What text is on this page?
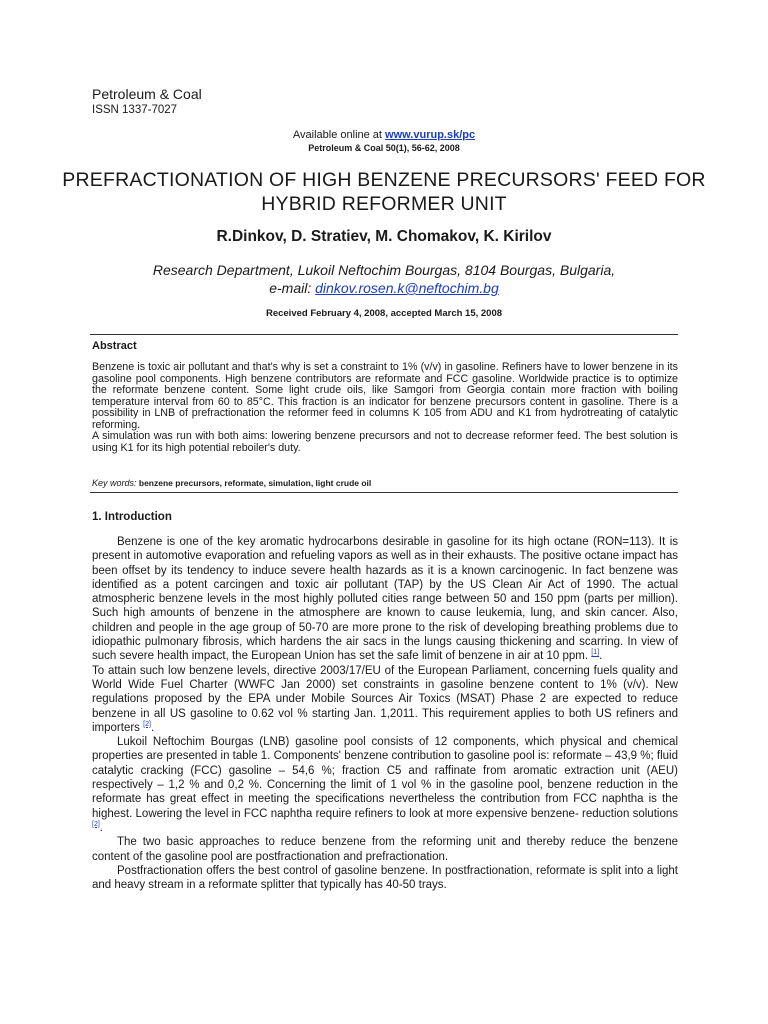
Petroleum & Coal
ISSN 1337-7027
Available online at www.vurup.sk/pc
Petroleum & Coal 50(1), 56-62, 2008
PREFRACTIONATION OF HIGH BENZENE PRECURSORS' FEED FOR HYBRID REFORMER UNIT
R.Dinkov, D. Stratiev, M. Chomakov, K. Kirilov
Research Department, Lukoil Neftochim Bourgas, 8104 Bourgas, Bulgaria,
e-mail: dinkov.rosen.k@neftochim.bg
Received February 4, 2008, accepted March 15, 2008
Abstract

Benzene is toxic air pollutant and that's why is set a constraint to 1% (v/v) in gasoline. Refiners have to lower benzene in its gasoline pool components. High benzene contributors are reformate and FCC gasoline. Worldwide practice is to optimize the reformate benzene content. Some light crude oils, like Samgori from Georgia contain more fraction with boiling temperature interval from 60 to 85°C. This fraction is an indicator for benzene precursors content in gasoline. There is a possibility in LNB of prefractionation the reformer feed in columns K 105 from ADU and K1 from hydrotreating of catalytic reforming.

A simulation was run with both aims: lowering benzene precursors and not to decrease reformer feed. The best solution is using K1 for its high potential reboiler's duty.

Key words: benzene precursors, reformate, simulation, light crude oil
1. Introduction

Benzene is one of the key aromatic hydrocarbons desirable in gasoline for its high octane (RON=113). It is present in automotive evaporation and refueling vapors as well as in their exhausts. The positive octane impact has been offset by its tendency to induce severe health hazards as it is a known carcinogenic. In fact benzene was identified as a potent carcingen and toxic air pollutant (TAP) by the US Clean Air Act of 1990. The actual atmospheric benzene levels in the most highly polluted cities range between 50 and 150 ppm (parts per million). Such high amounts of benzene in the atmosphere are known to cause leukemia, lung, and skin cancer. Also, children and people in the age group of 50-70 are more prone to the risk of developing breathing problems due to idiopathic pulmonary fibrosis, which hardens the air sacs in the lungs causing thickening and scarring. In view of such severe health impact, the European Union has set the safe limit of benzene in air at 10 ppm. [1].

To attain such low benzene levels, directive 2003/17/EU of the European Parliament, concerning fuels quality and World Wide Fuel Charter (WWFC Jan 2000) set constraints in gasoline benzene content to 1% (v/v). New regulations proposed by the EPA under Mobile Sources Air Toxics (MSAT) Phase 2 are expected to reduce benzene in all US gasoline to 0.62 vol % starting Jan. 1,2011. This requirement applies to both US refiners and importers [2].

Lukoil Neftochim Bourgas (LNB) gasoline pool consists of 12 components, which physical and chemical properties are presented in table 1. Components' benzene contribution to gasoline pool is: reformate – 43,9 %; fluid catalytic cracking (FCC) gasoline – 54,6 %; fraction C5 and raffinate from aromatic extraction unit (AEU) respectively – 1,2 % and 0,2 %. Concerning the limit of 1 vol % in the gasoline pool, benzene reduction in the reformate has great effect in meeting the specifications nevertheless the contribution from FCC naphtha is the highest. Lowering the level in FCC naphtha require refiners to look at more expensive benzene- reduction solutions [2].

The two basic approaches to reduce benzene from the reforming unit and thereby reduce the benzene content of the gasoline pool are postfractionation and prefractionation.

Postfractionation offers the best control of gasoline benzene. In postfractionation, reformate is split into a light and heavy stream in a reformate splitter that typically has 40-50 trays.
